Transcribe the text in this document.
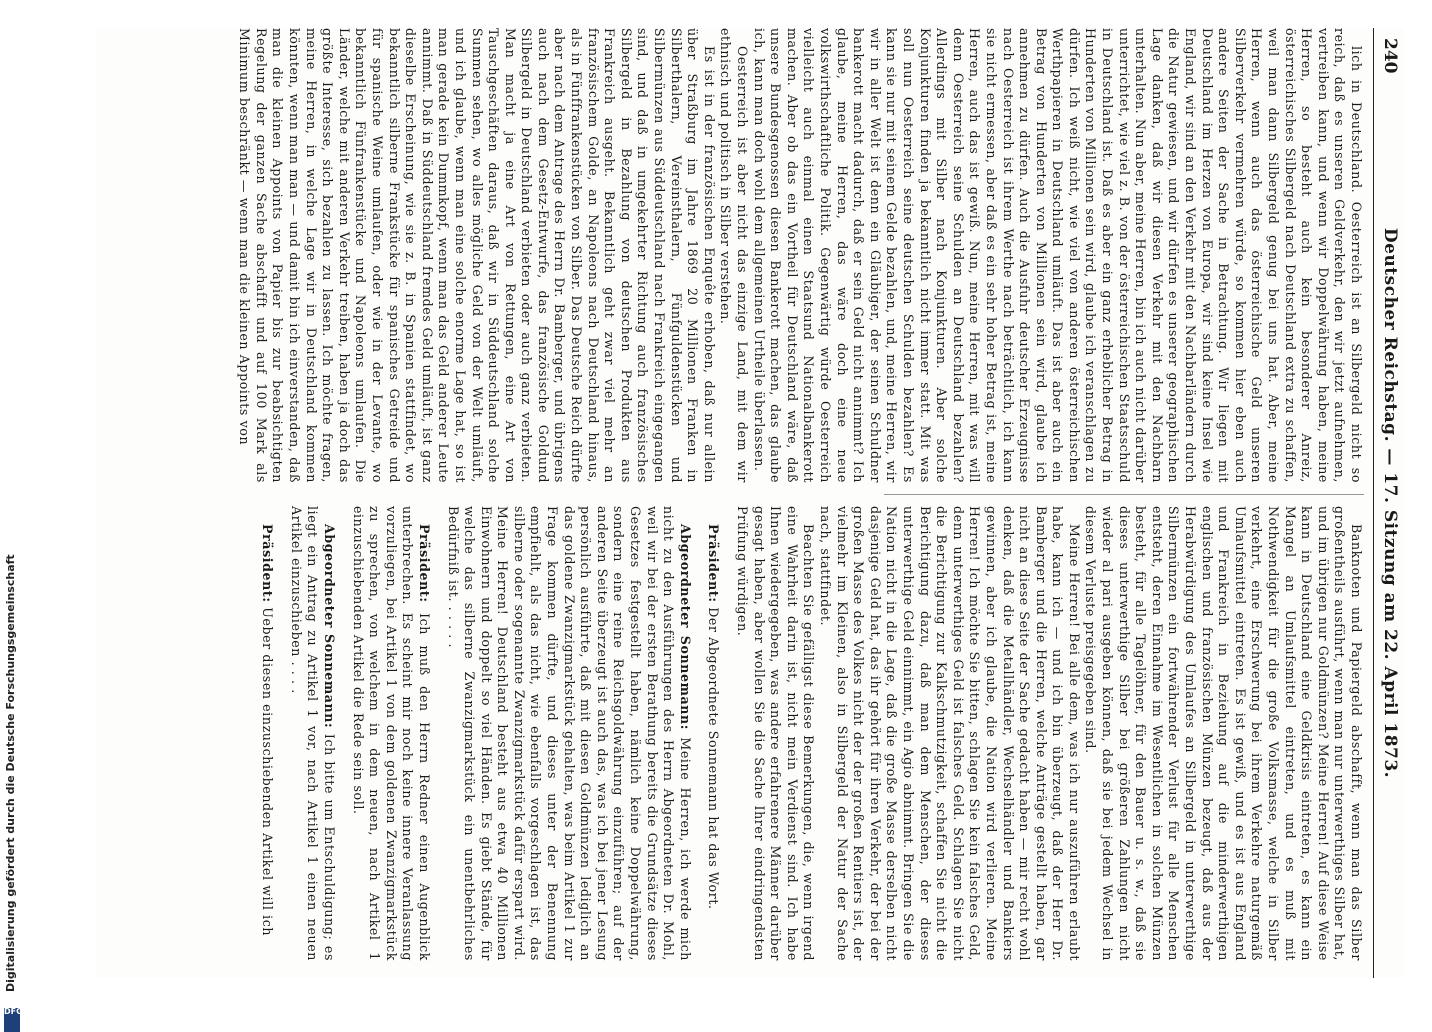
240
Deutscher Reichstag. — 17. Sitzung am 22. April 1873.

lich in Deutschland. Oesterreich ist an Silbergeld nicht so reich, daß es unseren Geldverkehr, den wir jetzt aufnehmen, vertreiben kann, und wenn wir Doppelwährung haben, meine Herren, so besteht auch kein besonderer Anreiz, österreichisches Silbergeld nach Deutschland extra zu schaffen, weil man dann Silbergeld genug bei uns hat. Aber, meine Herren, wenn auch das österreichische Geld unseren Silberverkehr vermehren würde, so kommen hier eben auch andere Seiten der Sache in Betrachtung. Wir liegen mit Deutschland im Herzen von Europa, wir sind keine Insel wie England, wir sind an den Verkehr mit den Nachbarländern durch die Natur gewiesen, und wir dürfen es unserer geographischen Lage danken, daß wir diesen Verkehr mit den Nachbarn unterhalten. Nun aber, meine Herren, bin ich auch nicht darüber unterrichtet, wie viel z. B. von der österreichischen Staatsschuld in Deutschland ist. Daß es aber ein ganz erheblicher Betrag in Hunderten von Millionen sein wird, glaube ich veranschlagen zu dürfen. Ich weiß nicht, wie viel von anderen österreichischen Werthpapieren in Deutschland umläuft. Das ist aber auch ein Betrag von Hunderten von Millionen sein wird, glaube ich annehmen zu dürfen. Auch die Ausfuhr deutscher Erzeugnisse nach Oesterreich ist ihrem Werthe nach beträchtlich, ich kann sie nicht ermessen, aber daß es ein sehr hoher Betrag ist, meine Herren, auch das ist gewiß. Nun, meine Herren, mit was will denn Oesterreich seine Schulden an Deutschland bezahlen? Allerdings mit Silber nach Konjunkturen. Aber solche Konjunkturen finden ja bekanntlich nicht immer statt. Mit was soll nun Oesterreich seine deutschen Schulden bezahlen? Es kann sie nur mit seinem Gelde bezahlen, und, meine Herren, wir wir in aller Welt ist denn ein Gläubiger, der seinen Schuldner bankerott macht dadurch, daß er sein Geld nicht annimmt? Ich glaube, meine Herren, das wäre doch eine neue volkswirthschaftliche Politik. Gegenwärtig würde Oesterreich vielleicht auch einmal einen Staatsund Nationalbankerott machen. Aber ob das ein Vortheil für Deutschland wäre, daß unsere Bundesgenossen diesen Bankerott machen, das glaube ich, kann man doch wohl dem allgemeinen Urtheile überlassen.

Oesterreich ist aber nicht das einzige Land, mit dem wir ethnisch und politisch in Silber verstehen.

Es ist in der französischen Enquête erhoben, daß nur allein über Straßburg im Jahre 1869 20 Millionen Franken in Silberthalern, Vereinsthalern, Fünfguldenstücken und Silbermünzen aus Süddeutschland nach Frankreich eingegangen sind, und daß in umgekehrter Richtung auch französisches Silbergeld in Bezahlung von deutschen Produkten aus Frankreich ausgeht. Bekanntlich geht zwar viel mehr an französischem Golde, an Napoleons nach Deutschland hinaus, als in Fünffrankenstücken von Silber. Das Deutsche Reich dürfte aber nach dem Antrage des Herrn Dr. Bamberger, und übrigens auch nach dem Gesetz-Entwurfe, das französische Goldund Silbergeld in Deutschland verbieten oder auch ganz verbieten. Man macht ja eine Art von Rettungen, eine Art von Tauschgeschäften daraus, daß wir in Süddeutschland solche Summen sehen, wo alles mögliche Geld von der Welt umläuft, und ich glaube, wenn man eine solche enorme Lage hat, so ist man gerade kein Dummkopf, wenn man das Geld anderer Leute annimmt. Daß in Süddeutschland fremdes Geld umläuft, ist ganz dieselbe Erscheinung, wie sie z. B. in Spanien stattfindet, wo bekanntlich silberne Frankstücke für spanisches Getreide und für spanische Weine umlaufen, oder wie in der Levante, wo bekanntlich Fünfrankenstücke und Napoleons umlaufen. Die Länder, welche mit anderen Verkehr treiben, haben ja doch das größte Interesse, sich bezahlen zu lassen. Ich möchte fragen, meine Herren, in welche Lage wir in Deutschland kommen könnten, wenn man man — und damit bin ich einverstanden, daß man die kleinen Appoints von Papier bis zur beabsichtigten Regelung der ganzen Sache abschafft und auf 100 Mark als Minimum beschränkt — wenn man die kleinen Appoints von

Banknoten und Papiergeld abschafft, wenn man das Silber großentheils ausführt, wenn man nur unterwerthiges Silber hat, und im übrigen nur Goldmünzen? Meine Herren! Auf diese Weise kann in Deutschland eine Geldkrisis eintreten, es kann ein Mangel an Umlaufsmittel eintreten, und es muß mit Nothwendigkeit für die große Volksmasse, welche in Silber verkehrt, eine Erschwerung bei ihrem Verkehre naturgemäß Umlaufsmittel eintreten. Es ist gewiß, und es ist aus England und Frankreich in Beziehung auf die minderwerthigen englischen und französischen Münzen bezeugt, daß aus der Herabwürdigung des Umlaufes an Silbergeld in unterwerthige Silbermünzen ein fortwährender Verlust für alle Menschen entsteht, deren Einnahme im Wesentlichen in solchen Münzen besteht, für alle Tagelöhner, für den Bauer u. s. w., daß sie dieses unterwerthige Silber bei größeren Zahlungen nicht wieder al pari ausgeben können, daß sie bei jedem Wechsel in diesem Verluste preisgegeben sind.

Meine Herren! Bei alle dem, was ich nur auszuführen erlaubt habe, kann ich — und ich bin überzeugt, daß der Herr Dr. Bamberger und die Herren, welche Anträge gestellt haben, gar nicht an diese Seite der Sache gedacht haben — mir recht wohl denken, daß die Metallhändler, Wechselhändler und Bankiers gewinnen, aber ich glaube, die Nation wird verlieren. Meine Herren! Ich möchte Sie bitten, schlagen Sie kein falsches Geld, denn unterwerthiges Geld ist falsches Geld. Schlagen Sie nicht die Berichtigung zur Kalkschmutzigkeit, schaffen Sie nicht die Berichtigung dazu, daß man dem Menschen, der dieses unterwerthige Geld einnimmt, ein Agio abnimmt. Bringen Sie die Nation nicht in die Lage, daß die große Masse derselben nicht dasjenige Geld hat, das ihr gehört für ihren Verkehr, der bei der großen Masse des Volkes nicht der der großen Rentiers ist, der vielmehr im Kleinen, also in Silbergeld der Natur der Sache nach, stattfindet.

Beachten Sie gefälligst diese Bemerkungen, die, wenn irgend eine Wahrheit darin ist, nicht mein Verdienst sind. Ich habe Ihnen wiedergegeben, was andere erfahrenere Männer darüber gesagt haben, aber wollen Sie die Sache Ihrer eindringendsten Prüfung würdigen.

Präsident: Der Abgeordnete Sonnemann hat das Wort.

Abgeordneter Sonnemann: Meine Herren, ich werde mich nicht zu den Ausführungen des Herrn Abgeordneten Dr. Mohl, weil wir bei der ersten Berathung bereits die Grundsätze dieses Gesetzes festgestellt haben, nämlich keine Doppelwährung, sondern eine reine Reichsgoldwährung einzuführen; auf der anderen Seite überzeugt ist auch das, was ich bei jener Lesung persönlich ausführte, daß mit diesen Goldmünzen lediglich an das goldene Zwanzigmarkstück gehalten, was beim Artikel 1 zur Frage kommen dürfte, und dieses unter der Benennung empfiehlt, als das nicht, wie ebenfalls vorgeschlagen ist, das silberne oder sogenannte Zwanzigmarkstück dafür erspart wird. Meine Herren! Deutschland besteht aus etwa 40 Millionen Einwohnern und doppelt so viel Händen. Es giebt Stände, für welche das silberne Zwanzigmarkstück ein unentbehrliches Bedürfniß ist. . . . . .

Präsident: Ich muß den Herrn Redner einen Augenblick unterbrechen. Es scheint mir noch keine innere Veranlassung vorzuliegen, bei Artikel 1 von dem goldenen Zwanzigmarkstück zu sprechen, von welchem in dem neuen, nach Artikel 1 einzuschiebenden Artikel die Rede sein soll.

Abgeordneter Sonnemann: Ich bitte um Entschuldigung; es liegt ein Antrag zu Artikel 1 vor, nach Artikel 1 einen neuen Artikel einzuschieben . . . .

Präsident: Ueber diesen einzuschiebenden Artikel will ich

Digitalisierung gefördert durch die Deutsche Forschungsgemeinschaft
DFG
